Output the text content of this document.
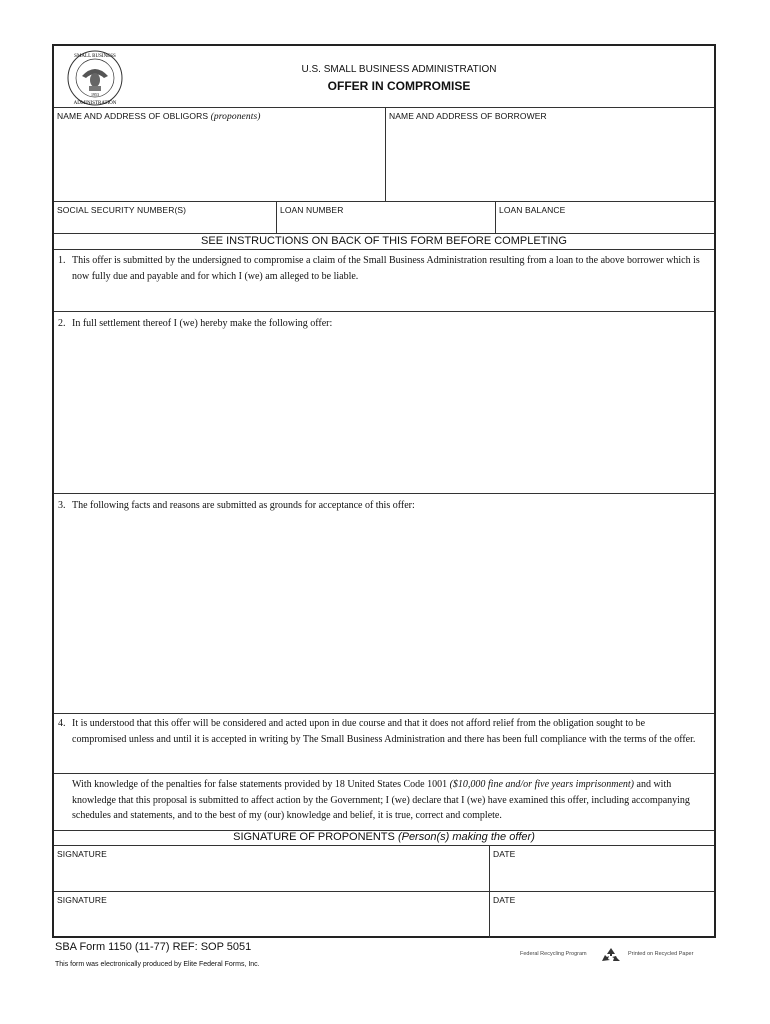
SMALL BUSINESS
ADMINISTRATION
1953
U.S. SMALL BUSINESS ADMINISTRATION
OFFER IN COMPROMISE
NAME AND ADDRESS OF OBLIGORS (proponents)	NAME AND ADDRESS OF BORROWER
SOCIAL SECURITY NUMBER(S)	LOAN NUMBER	LOAN BALANCE
SEE INSTRUCTIONS ON BACK OF THIS FORM BEFORE COMPLETING
1. This offer is submitted by the undersigned to compromise a claim of the Small Business Administration resulting from a loan to the above borrower which is now fully due and payable and for which I (we) am alleged to be liable.
2. In full settlement thereof I (we) hereby make the following offer:
3. The following facts and reasons are submitted as grounds for acceptance of this offer:
4. It is understood that this offer will be considered and acted upon in due course and that it does not afford relief from the obligation sought to be compromised unless and until it is accepted in writing by The Small Business Administration and there has been full compliance with the terms of the offer.
With knowledge of the penalties for false statements provided by 18 United States Code 1001 ($10,000 fine and/or five years imprisonment) and with knowledge that this proposal is submitted to affect action by the Government; I (we) declare that I (we) have examined this offer, including accompanying schedules and statements, and to the best of my (our) knowledge and belief, it is true, correct and complete.
SIGNATURE OF PROPONENTS (Person(s) making the offer)
SIGNATURE	DATE
SIGNATURE	DATE
SBA Form 1150 (11-77) REF: SOP 5051
This form was electronically produced by Elite Federal Forms, Inc.
Federal Recycling Program	Printed on Recycled Paper
